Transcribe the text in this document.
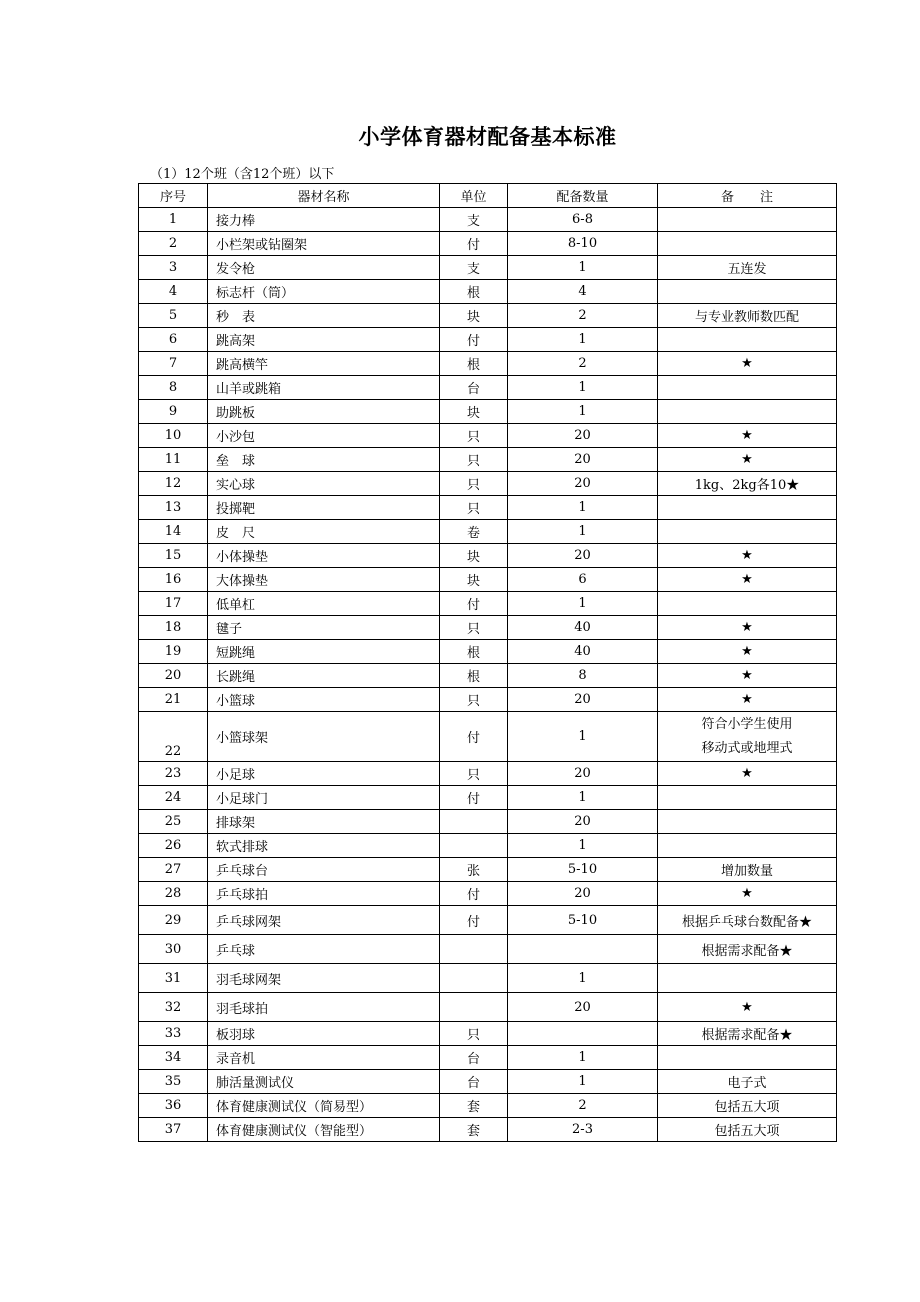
小学体育器材配备基本标准

（1）12个班（含12个班）以下

序号	器材名称	单位	配备数量	备　　注
1	接力棒	支	6-8	
2	小栏架或钻圈架	付	8-10	
3	发令枪	支	1	五连发
4	标志杆（筒）	根	4	
5	秒　表	块	2	与专业教师数匹配
6	跳高架	付	1	
7	跳高横竿	根	2	★
8	山羊或跳箱	台	1	
9	助跳板	块	1	
10	小沙包	只	20	★
11	垒　球	只	20	★
12	实心球	只	20	1kg、2kg各10★
13	投掷靶	只	1	
14	皮　尺	卷	1	
15	小体操垫	块	20	★
16	大体操垫	块	6	★
17	低单杠	付	1	
18	毽子	只	40	★
19	短跳绳	根	40	★
20	长跳绳	根	8	★
21	小篮球	只	20	★
22	小篮球架	付	1	符合小学生使用
移动式或地埋式

23	小足球	只	20	★
24	小足球门	付	1	
25	排球架		20	
26	软式排球		1	
27	乒乓球台	张	5-10	增加数量
28	乒乓球拍	付	20	★
29	乒乓球网架	付	5-10	根据乒乓球台数配备★
30	乒乓球			根据需求配备★
31	羽毛球网架		1	
32	羽毛球拍		20	★
33	板羽球	只		根据需求配备★
34	录音机	台	1	
35	肺活量测试仪	台	1	电子式
36	体育健康测试仪（简易型）	套	2	包括五大项
37	体育健康测试仪（智能型）	套	2-3	包括五大项
